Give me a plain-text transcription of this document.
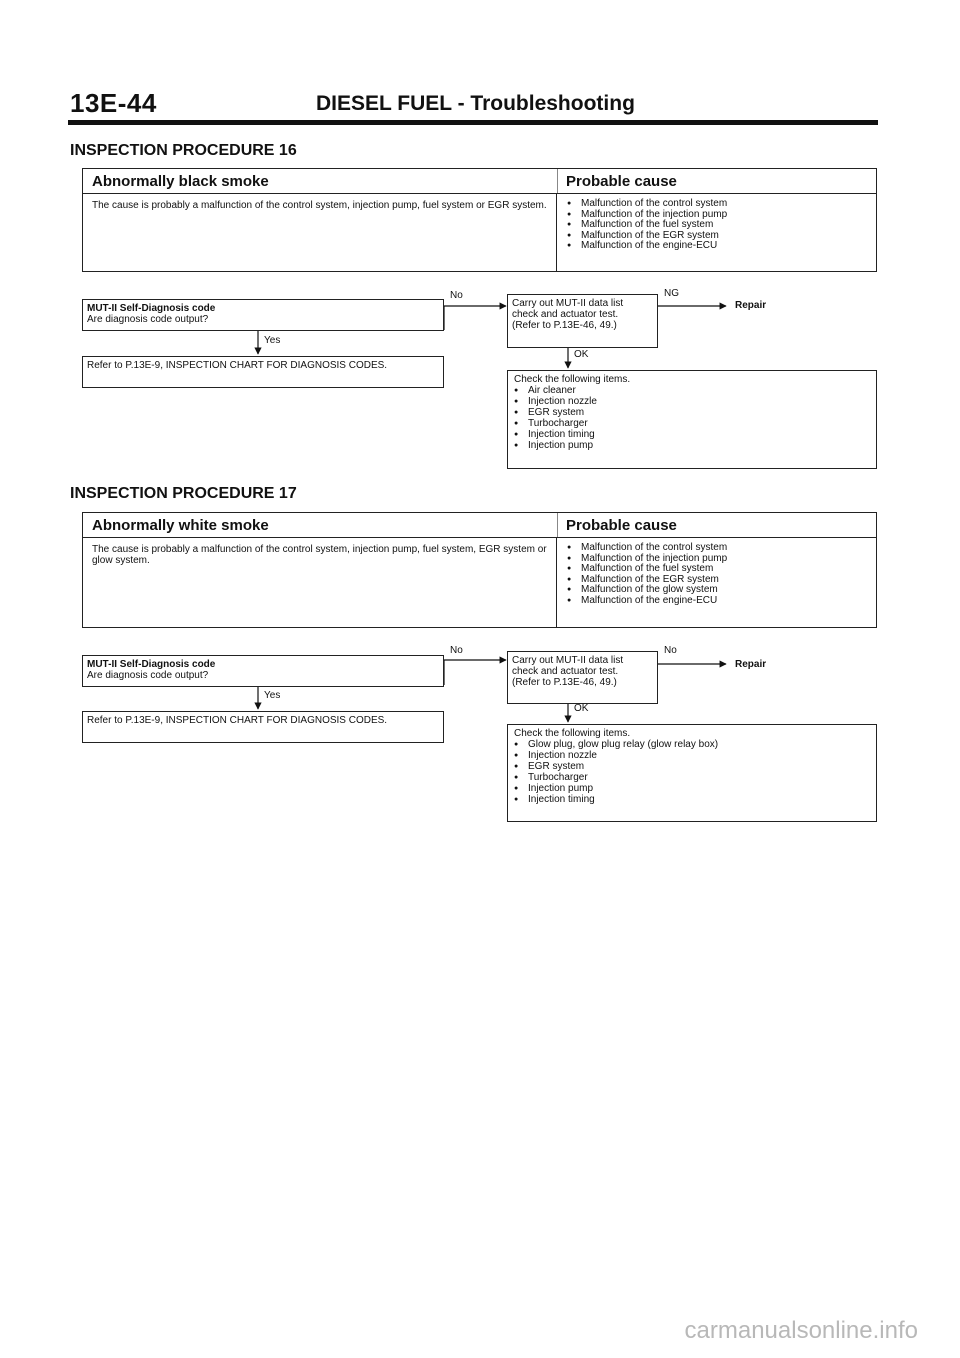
13E-44	DIESEL FUEL - Troubleshooting
INSPECTION PROCEDURE 16
Abnormally black smoke	Probable cause
The cause is probably a malfunction of the control system, injection pump, fuel system or EGR system.
●	Malfunction of the control system
● Malfunction of the injection pump
● Malfunction of the fuel system
● Malfunction of the EGR system
● Malfunction of the engine-ECU
MUT-II Self-Diagnosis code
Are diagnosis code output?
No
Yes
Refer to P.13E-9, INSPECTION CHART FOR DIAGNOSIS CODES.
Carry out MUT-II data list
check and actuator test.
(Refer to P.13E-46, 49.)
NG
Repair
OK
Check the following items.
● Air cleaner
● Injection nozzle
● EGR system
● Turbocharger
● Injection timing
● Injection pump
INSPECTION PROCEDURE 17
Abnormally white smoke	Probable cause
The cause is probably a malfunction of the control system, injection pump, fuel system, EGR system or glow system.
● Malfunction of the control system
● Malfunction of the injection pump
● Malfunction of the fuel system
● Malfunction of the EGR system
● Malfunction of the glow system
● Malfunction of the engine-ECU
MUT-II Self-Diagnosis code
Are diagnosis code output?
No
Yes
Refer to P.13E-9, INSPECTION CHART FOR DIAGNOSIS CODES.
Carry out MUT-II data list
check and actuator test.
(Refer to P.13E-46, 49.)
No
Repair
OK
Check the following items.
● Glow plug, glow plug relay (glow relay box)
● Injection nozzle
● EGR system
● Turbocharger
● Injection pump
● Injection timing
carmanualsonline.info
